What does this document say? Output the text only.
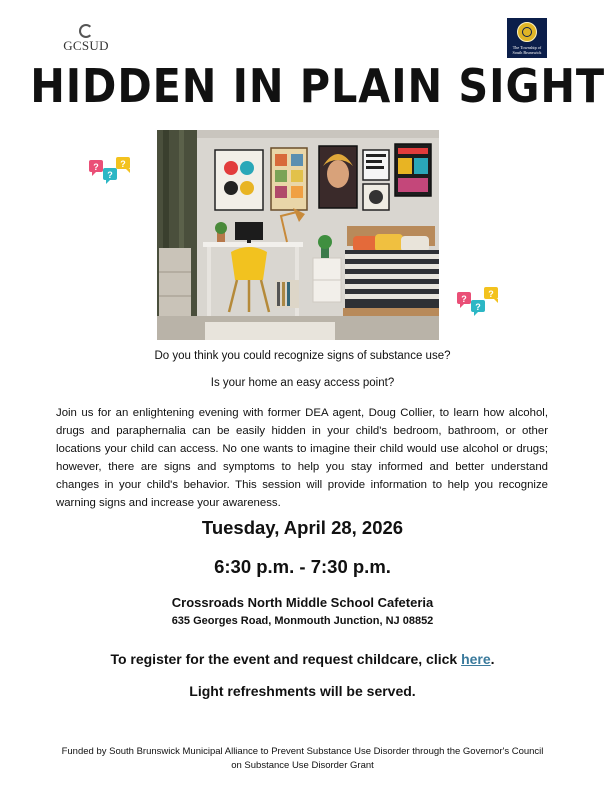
GCSUD	The Township of South Brunswick
HIDDEN IN PLAIN SIGHT
?
?
?
?
?
?
Do you think you could recognize signs of substance use?
Is your home an easy access point?
Join us for an enlightening evening with former DEA agent, Doug Collier, to learn how alcohol, drugs and paraphernalia can be easily hidden in your child's bedroom, bathroom, or other locations your child can access. No one wants to imagine their child would use alcohol or drugs; however, there are signs and symptoms to help you stay informed and better understand changes in your child's behavior. This session will provide information to help you recognize warning signs and increase your awareness.
Tuesday, April 28, 2026
6:30 p.m. - 7:30 p.m.
Crossroads North Middle School Cafeteria
635 Georges Road, Monmouth Junction, NJ 08852
To register for the event and request childcare, click here.
Light refreshments will be served.
Funded by South Brunswick Municipal Alliance to Prevent Substance Use Disorder through the Governor's Council on Substance Use Disorder Grant
